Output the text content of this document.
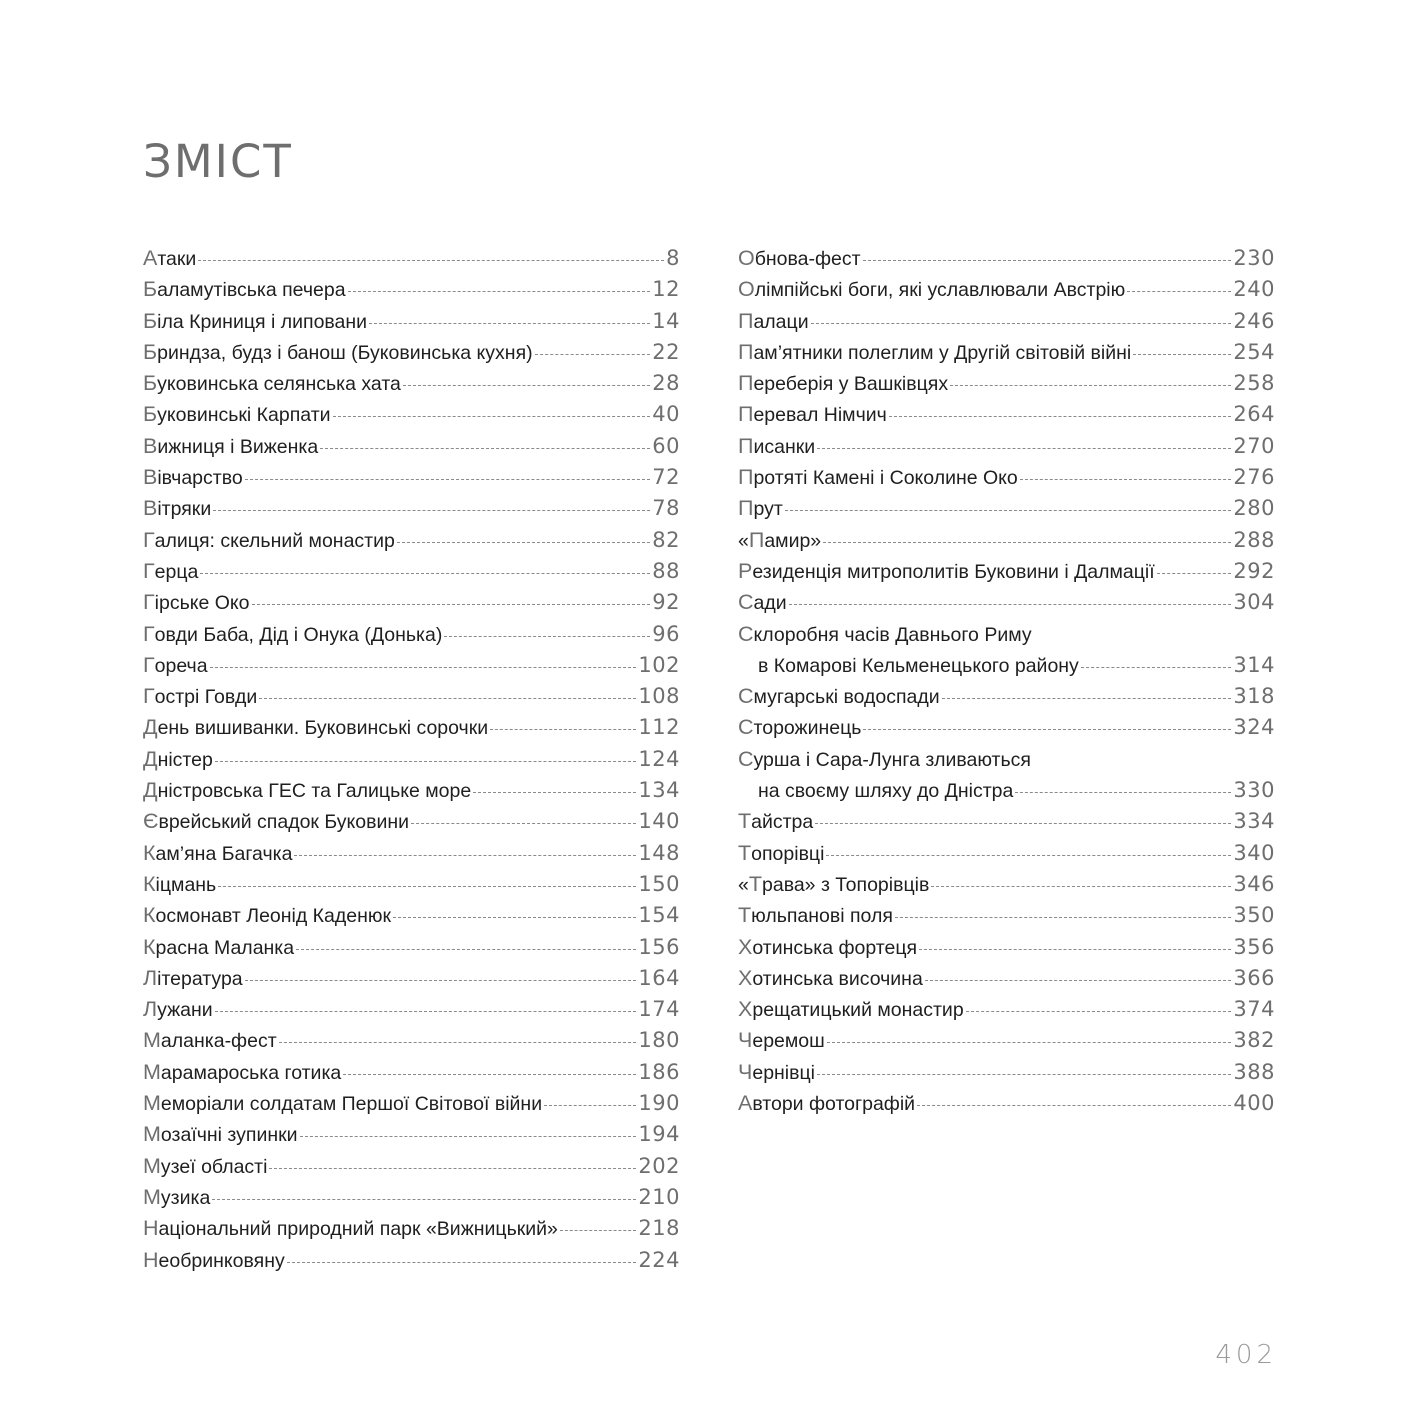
ЗМІСТ
Атаки	8
Баламутівська печера	12
Біла Криниця і липовани	14
Бриндза, будз і банош (Буковинська кухня)	22
Буковинська селянська хата	28
Буковинські Карпати	40
Вижниця і Виженка	60
Вівчарство	72
Вітряки	78
Галиця: скельний монастир	82
Герца	88
Гірське Око	92
Говди Баба, Дід і Онука (Донька)	96
Гореча	102
Гострі Говди	108
День вишиванки. Буковинські сорочки	112
Дністер	124
Дністровська ГЕС та Галицьке море	134
Єврейський спадок Буковини	140
Кам’яна Багачка	148
Кіцмань	150
Космонавт Леонід Каденюк	154
Красна Маланка	156
Література	164
Лужани	174
Маланка-фест	180
Марамароська готика	186
Меморіали солдатам Першої Світової війни	190
Мозаїчні зупинки	194
Музеї області	202
Музика	210
Національний природний парк «Вижницький»	218
Необринковяну	224
Обнова-фест	230
Олімпійські боги, які уславлювали Австрію	240
Палаци	246
Пам’ятники полеглим у Другій світовій війні	254
Переберія у Вашківцях	258
Перевал Німчич	264
Писанки	270
Протяті Камені і Соколине Око	276
Прут	280
«Памир»	288
Резиденція митрополитів Буковини і Далмації	292
Сади	304
Склоробня часів Давнього Риму
в Комарові Кельменецького району	314
Смугарські водоспади	318
Сторожинець	324
Сурша і Сара-Лунга зливаються
на своєму шляху до Дністра	330
Тайстра	334
Топорівці	340
«Трава» з Топорівців	346
Тюльпанові поля	350
Хотинська фортеця	356
Хотинська височина	366
Хрещатицький монастир	374
Черемош	382
Чернівці	388
Автори фотографій	400
402
